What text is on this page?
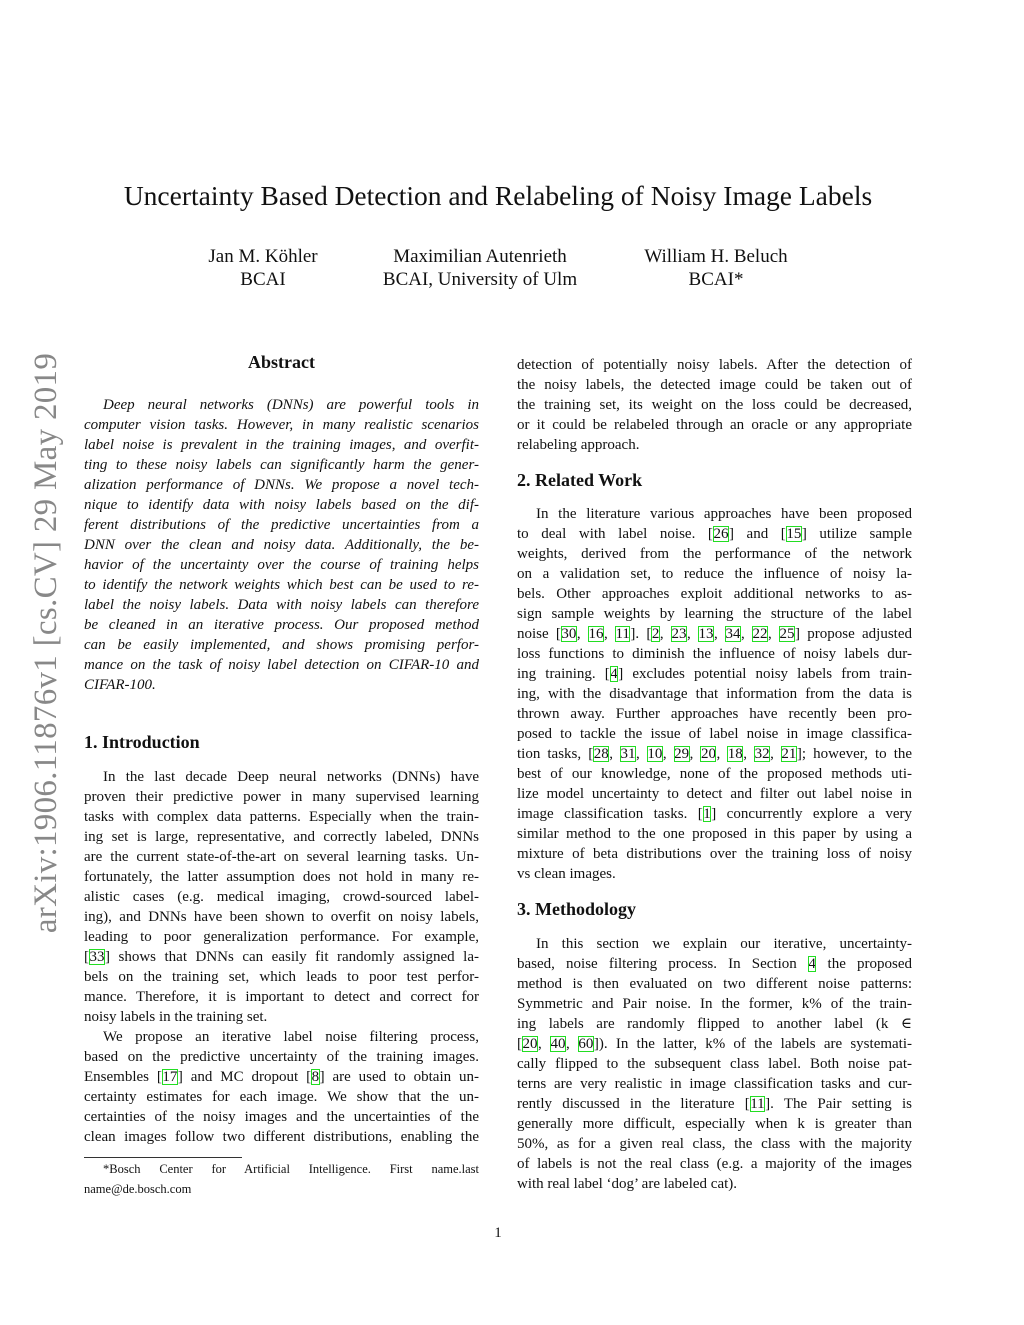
arXiv:1906.11876v1 [cs.CV] 29 May 2019
Uncertainty Based Detection and Relabeling of Noisy Image Labels
Jan M. Köhler
BCAI
Maximilian Autenrieth
BCAI, University of Ulm
William H. Beluch
BCAI*
Abstract
Deep neural networks (DNNs) are powerful tools in
computer vision tasks. However, in many realistic scenarios
label noise is prevalent in the training images, and overfit-
ting to these noisy labels can significantly harm the gener-
alization performance of DNNs. We propose a novel tech-
nique to identify data with noisy labels based on the dif-
ferent distributions of the predictive uncertainties from a
DNN over the clean and noisy data. Additionally, the be-
havior of the uncertainty over the course of training helps
to identify the network weights which best can be used to re-
label the noisy labels. Data with noisy labels can therefore
be cleaned in an iterative process. Our proposed method
can be easily implemented, and shows promising perfor-
mance on the task of noisy label detection on CIFAR-10 and
CIFAR-100.
1. Introduction
In the last decade Deep neural networks (DNNs) have
proven their predictive power in many supervised learning
tasks with complex data patterns. Especially when the train-
ing set is large, representative, and correctly labeled, DNNs
are the current state-of-the-art on several learning tasks. Un-
fortunately, the latter assumption does not hold in many re-
alistic cases (e.g. medical imaging, crowd-sourced label-
ing), and DNNs have been shown to overfit on noisy labels,
leading to poor generalization performance. For example,
[33] shows that DNNs can easily fit randomly assigned la-
bels on the training set, which leads to poor test perfor-
mance. Therefore, it is important to detect and correct for
noisy labels in the training set.
We propose an iterative label noise filtering process,
based on the predictive uncertainty of the training images.
Ensembles [17] and MC dropout [8] are used to obtain un-
certainty estimates for each image. We show that the un-
certainties of the noisy images and the uncertainties of the
clean images follow two different distributions, enabling the
*Bosch Center for Artificial Intelligence. First name.last
name@de.bosch.com
detection of potentially noisy labels. After the detection of
the noisy labels, the detected image could be taken out of
the training set, its weight on the loss could be decreased,
or it could be relabeled through an oracle or any appropriate
relabeling approach.
2. Related Work
In the literature various approaches have been proposed
to deal with label noise. [26] and [15] utilize sample
weights, derived from the performance of the network
on a validation set, to reduce the influence of noisy la-
bels. Other approaches exploit additional networks to as-
sign sample weights by learning the structure of the label
noise [30, 16, 11]. [2, 23, 13, 34, 22, 25] propose adjusted
loss functions to diminish the influence of noisy labels dur-
ing training. [4] excludes potential noisy labels from train-
ing, with the disadvantage that information from the data is
thrown away. Further approaches have recently been pro-
posed to tackle the issue of label noise in image classifica-
tion tasks, [28, 31, 10, 29, 20, 18, 32, 21]; however, to the
best of our knowledge, none of the proposed methods uti-
lize model uncertainty to detect and filter out label noise in
image classification tasks. [1] concurrently explore a very
similar method to the one proposed in this paper by using a
mixture of beta distributions over the training loss of noisy
vs clean images.
3. Methodology
In this section we explain our iterative, uncertainty-
based, noise filtering process. In Section 4 the proposed
method is then evaluated on two different noise patterns:
Symmetric and Pair noise. In the former, k% of the train-
ing labels are randomly flipped to another label (k ∈
[20, 40, 60]). In the latter, k% of the labels are systemati-
cally flipped to the subsequent class label. Both noise pat-
terns are very realistic in image classification tasks and cur-
rently discussed in the literature [11]. The Pair setting is
generally more difficult, especially when k is greater than
50%, as for a given real class, the class with the majority
of labels is not the real class (e.g. a majority of the images
with real label ‘dog’ are labeled cat).
1
